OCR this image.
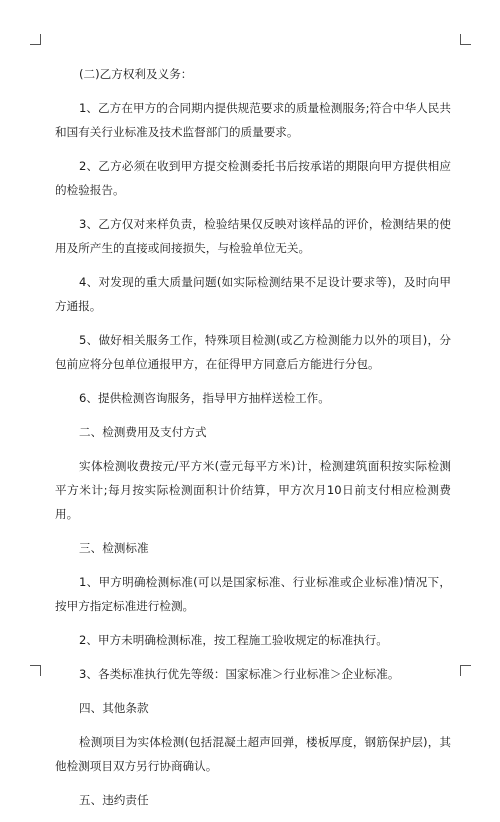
(二)乙方权利及义务：

1、乙方在甲方的合同期内提供规范要求的质量检测服务;符合中华人民共和国有关行业标准及技术监督部门的质量要求。

2、乙方必须在收到甲方提交检测委托书后按承诺的期限向甲方提供相应的检验报告。

3、乙方仅对来样负责，检验结果仅反映对该样品的评价，检测结果的使用及所产生的直接或间接损失，与检验单位无关。

4、对发现的重大质量问题(如实际检测结果不足设计要求等)，及时向甲方通报。

5、做好相关服务工作，特殊项目检测(或乙方检测能力以外的项目)，分包前应将分包单位通报甲方，在征得甲方同意后方能进行分包。

6、提供检测咨询服务，指导甲方抽样送检工作。

二、检测费用及支付方式

实体检测收费按元/平方米(壹元每平方米)计，检测建筑面积按实际检测平方米计;每月按实际检测面积计价结算，甲方次月10日前支付相应检测费用。

三、检测标准

1、甲方明确检测标准(可以是国家标准、行业标准或企业标准)情况下，按甲方指定标准进行检测。

2、甲方未明确检测标准，按工程施工验收规定的标准执行。

3、各类标准执行优先等级：国家标准＞行业标准＞企业标准。

四、其他条款

检测项目为实体检测(包括混凝土超声回弹，楼板厚度，钢筋保护层)，其他检测项目双方另行协商确认。

五、违约责任
